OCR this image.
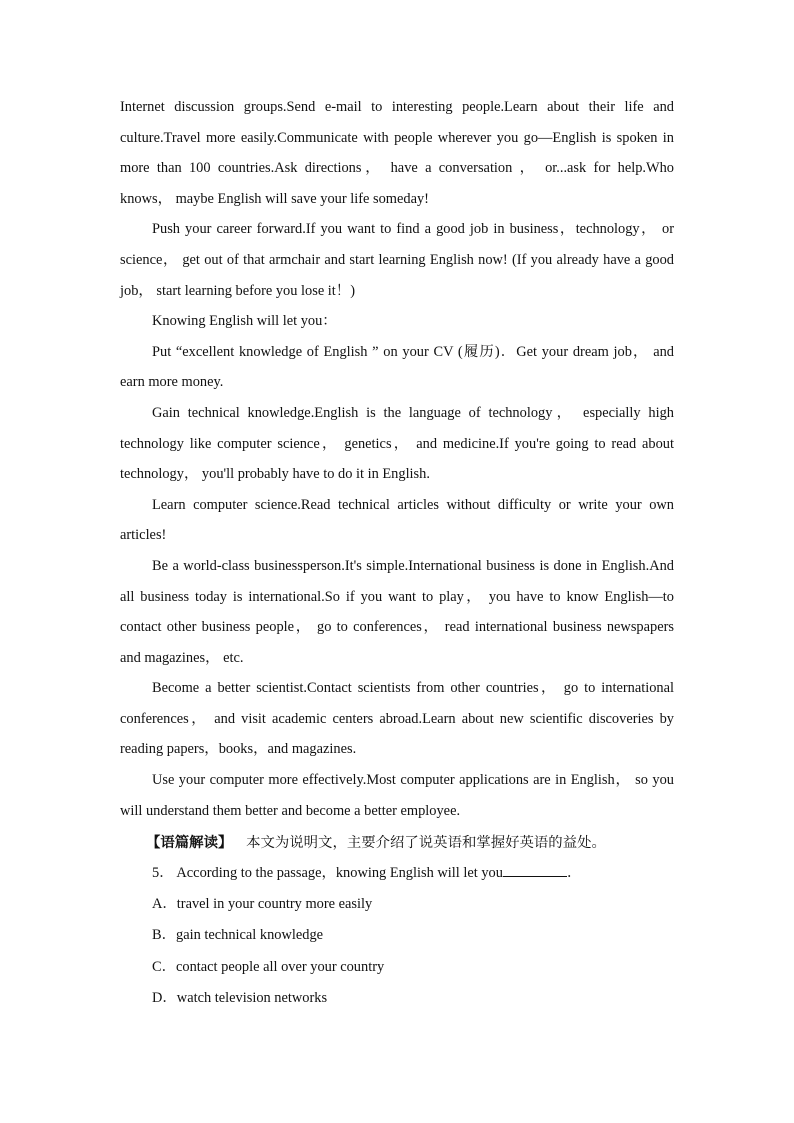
Internet discussion groups.Send e-mail to interesting people.Learn about their life and culture.Travel more easily.Communicate with people wherever you go—English is spoken in more than 100 countries.Ask directions， have a conversation ， or...ask for help.Who knows， maybe English will save your life someday!

Push your career forward.If you want to find a good job in business，technology， or science， get out of that armchair and start learning English now! (If you already have a good job， start learning before you lose it！)

Knowing English will let you：

Put “excellent knowledge of English ” on your CV (履历)．Get your dream job， and earn more money.

Gain technical knowledge.English is the language of technology， especially high technology like computer science， genetics， and medicine.If you're going to read about technology， you'll probably have to do it in English.

Learn computer science.Read technical articles without difficulty or write your own articles!

Be a world-class businessperson.It's simple.International business is done in English.And all business today is international.So if you want to play， you have to know English—to contact other business people， go to conferences， read international business newspapers and magazines， etc.

Become a better scientist.Contact scientists from other countries， go to international conferences， and visit academic centers abroad.Learn about new scientific discoveries by reading papers，books，and magazines.

Use your computer more effectively.Most computer applications are in English， so you will understand them better and become a better employee.

【语篇解读】 本文为说明文，主要介绍了说英语和掌握好英语的益处。

5． According to the passage，knowing English will let you	．

A．travel in your country more easily

B．gain technical knowledge

C．contact people all over your country

D．watch television networks
